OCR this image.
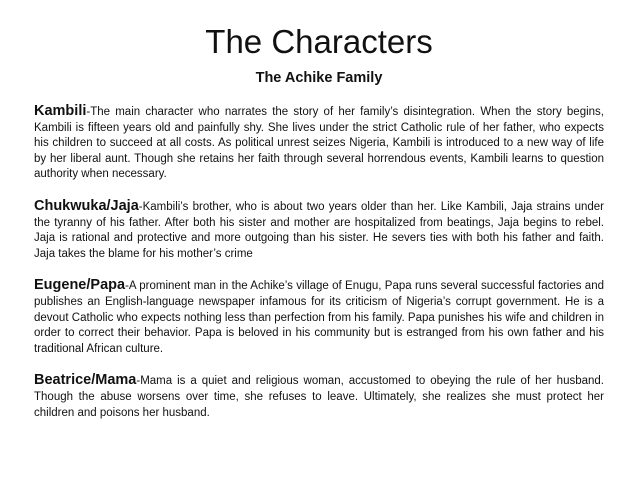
The Characters
The Achike Family

Kambili-The main character who narrates the story of her family’s disintegration. When the story begins, Kambili is fifteen years old and painfully shy. She lives under the strict Catholic rule of her father, who expects his children to succeed at all costs. As political unrest seizes Nigeria, Kambili is introduced to a new way of life by her liberal aunt. Though she retains her faith through several horrendous events, Kambili learns to question authority when necessary.

Chukwuka/Jaja-Kambili’s brother, who is about two years older than her. Like Kambili, Jaja strains under the tyranny of his father. After both his sister and mother are hospitalized from beatings, Jaja begins to rebel. Jaja is rational and protective and more outgoing than his sister. He severs ties with both his father and faith. Jaja takes the blame for his mother’s crime

Eugene/Papa-A prominent man in the Achike’s village of Enugu, Papa runs several successful factories and publishes an English-language newspaper infamous for its criticism of Nigeria’s corrupt government. He is a devout Catholic who expects nothing less than perfection from his family. Papa punishes his wife and children in order to correct their behavior. Papa is beloved in his community but is estranged from his own father and his traditional African culture.

Beatrice/Mama-Mama is a quiet and religious woman, accustomed to obeying the rule of her husband. Though the abuse worsens over time, she refuses to leave. Ultimately, she realizes she must protect her children and poisons her husband.
